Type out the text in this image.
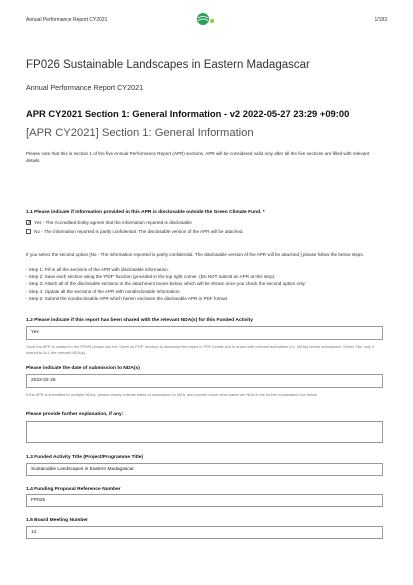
Annual Performance Report CY2021	1/183
FP026 Sustainable Landscapes in Eastern Madagascar
Annual Performance Report CY2021
APR CY2021 Section 1: General Information - v2 2022-05-27 23:29 +09:00
[APR CY2021] Section 1: General Information
Please note that this is section 1 of the five Annual Performance Report (APR) sections. APR will be considered valid only after all the five sections are filled with relevant details.
1.1 Please indicate if information provided in this APR is disclosable outside the Green Climate Fund. *
X Yes - The Accredited Entity agrees that the information reported is disclosable
No - The information reported is partly confidential. The disclosable version of the APR will be attached.
If you select the second option [No - The information reported is partly confidential. The disclosable version of the APR will be attached.] please follow the below steps.
- Step 1: Fill in all the sections of the APR with disclosable information.
- Step 2: Save each section using the 'PDF' function (provided in the top right corner. (Do NOT submit an APR at this step).
- Step 3: Attach all of the disclosable sections to the attachment boxes below, which will be shown once you check the second option only.
- Step 4: Update all the sections of the APR with nondisclosable information.
- Step 5: Submit the nondisclosable APR which herein encloses the disclosable APR in PDF format
1.2 Please indicate if this report has been shared with the relevant NDA(s) for this Funded Activity
Yes
Once the APR is created in the PPMS please use the 'Open as PDF' function to download the report in PDF format and to share with relevant authorities (i.e. NDAs) before submission. Select 'Yes' only if shared to ALL the relevant NDA(s).
Please indicate the date of submission to NDA(s)
2022-02-28
If the APR is submitted to multiple NDAs, please clearly indicate dates of submission to NDA, and provide those other dates per NDA in the further explanation box below
Please provide further explanation, if any:
1.3 Funded Activity Title (Project/Programme Title)
Sustainable Landscapes in Eastern Madagascar
1.4 Funding Proposal Reference Number
FP026
1.5 Board Meeting Number
14
